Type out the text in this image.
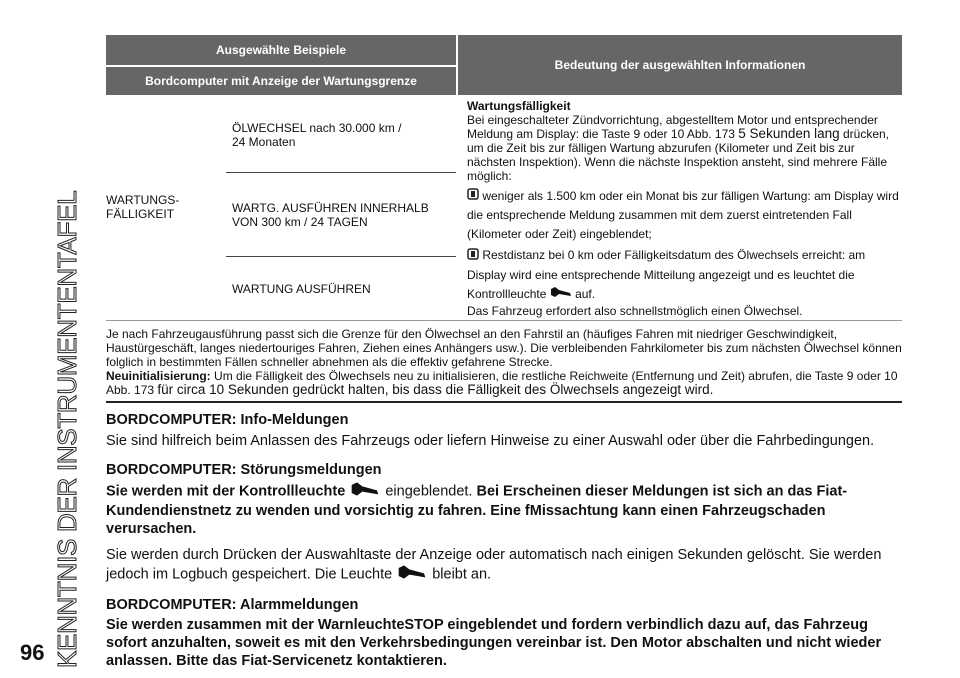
KENNTNIS DER INSTRUMENTENTAFEL
96
Ausgewählte Beispiele
Bordcomputer mit Anzeige der Wartungsgrenze
Bedeutung der ausgewählten Informationen
WARTUNGS-
FÄLLIGKEIT
ÖLWECHSEL nach 30.000 km /
24 Monaten
WARTG. AUSFÜHREN INNERHALB
VON 300 km / 24 TAGEN
WARTUNG AUSFÜHREN
Wartungsfälligkeit
Bei eingeschalteter Zündvorrichtung, abgestelltem Motor und entsprechender Meldung am Display: die Taste 9 oder 10 Abb. 173 5 Sekunden lang drücken, um die Zeit bis zur fälligen Wartung abzurufen (Kilometer und Zeit bis zur nächsten Inspektion). Wenn die nächste Inspektion ansteht, sind mehrere Fälle möglich:
weniger als 1.500 km oder ein Monat bis zur fälligen Wartung: am Display wird die entsprechende Meldung zusammen mit dem zuerst eintretenden Fall (Kilometer oder Zeit) eingeblendet;
Restdistanz bei 0 km oder Fälligkeitsdatum des Ölwechsels erreicht: am Display wird eine entsprechende Mitteilung angezeigt und es leuchtet die Kontrollleuchte auf.
Das Fahrzeug erfordert also schnellstmöglich einen Ölwechsel.
Je nach Fahrzeugausführung passt sich die Grenze für den Ölwechsel an den Fahrstil an (häufiges Fahren mit niedriger Geschwindigkeit, Haustürgeschäft, langes niedertouriges Fahren, Ziehen eines Anhängers usw.). Die verbleibenden Fahrkilometer bis zum nächsten Ölwechsel können folglich in bestimmten Fällen schneller abnehmen als die effektiv gefahrene Strecke.
Neuinitialisierung: Um die Fälligkeit des Ölwechsels neu zu initialisieren, die restliche Reichweite (Entfernung und Zeit) abrufen, die Taste 9 oder 10 Abb. 173 für circa 10 Sekunden gedrückt halten, bis dass die Fälligkeit des Ölwechsels angezeigt wird.
BORDCOMPUTER: Info-Meldungen
Sie sind hilfreich beim Anlassen des Fahrzeugs oder liefern Hinweise zu einer Auswahl oder über die Fahrbedingungen.
BORDCOMPUTER: Störungsmeldungen
Sie werden mit der Kontrollleuchte	eingeblendet. Bei Erscheinen dieser Meldungen ist sich an das Fiat-Kundendienstnetz zu wenden und vorsichtig zu fahren. Eine fMissachtung kann einen Fahrzeugschaden verursachen.
Sie werden durch Drücken der Auswahltaste der Anzeige oder automatisch nach einigen Sekunden gelöscht. Sie werden jedoch im Logbuch gespeichert. Die Leuchte	bleibt an.
BORDCOMPUTER: Alarmmeldungen
Sie werden zusammen mit der WarnleuchteSTOP eingeblendet und fordern verbindlich dazu auf, das Fahrzeug sofort anzuhalten, soweit es mit den Verkehrsbedingungen vereinbar ist. Den Motor abschalten und nicht wieder anlassen. Bitte das Fiat-Servicenetz kontaktieren.
